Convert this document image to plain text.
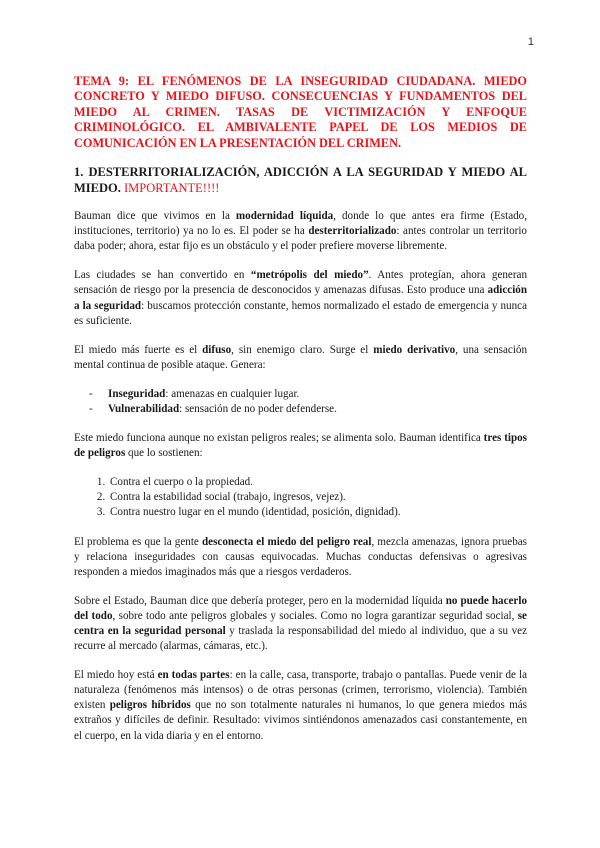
1
TEMA 9: EL FENÓMENOS DE LA INSEGURIDAD CIUDADANA. MIEDO CONCRETO Y MIEDO DIFUSO. CONSECUENCIAS Y FUNDAMENTOS DEL MIEDO AL CRIMEN. TASAS DE VICTIMIZACIÓN Y ENFOQUE CRIMINOLÓGICO. EL AMBIVALENTE PAPEL DE LOS MEDIOS DE COMUNICACIÓN EN LA PRESENTACIÓN DEL CRIMEN.
1. DESTERRITORIALIZACIÓN, ADICCIÓN A LA SEGURIDAD Y MIEDO AL MIEDO. IMPORTANTE!!!!

Bauman dice que vivimos en la modernidad líquida, donde lo que antes era firme (Estado, instituciones, territorio) ya no lo es. El poder se ha desterritorializado: antes controlar un territorio daba poder; ahora, estar fijo es un obstáculo y el poder prefiere moverse libremente.

Las ciudades se han convertido en “metrópolis del miedo”. Antes protegían, ahora generan sensación de riesgo por la presencia de desconocidos y amenazas difusas. Esto produce una adicción a la seguridad: buscamos protección constante, hemos normalizado el estado de emergencia y nunca es suficiente.

El miedo más fuerte es el difuso, sin enemigo claro. Surge el miedo derivativo, una sensación mental continua de posible ataque. Genera:

- Inseguridad: amenazas en cualquier lugar.
- Vulnerabilidad: sensación de no poder defenderse.

Este miedo funciona aunque no existan peligros reales; se alimenta solo. Bauman identifica tres tipos de peligros que lo sostienen:

1. Contra el cuerpo o la propiedad.
2. Contra la estabilidad social (trabajo, ingresos, vejez).
3. Contra nuestro lugar en el mundo (identidad, posición, dignidad).

El problema es que la gente desconecta el miedo del peligro real, mezcla amenazas, ignora pruebas y relaciona inseguridades con causas equivocadas. Muchas conductas defensivas o agresivas responden a miedos imaginados más que a riesgos verdaderos.

Sobre el Estado, Bauman dice que debería proteger, pero en la modernidad líquida no puede hacerlo del todo, sobre todo ante peligros globales y sociales. Como no logra garantizar seguridad social, se centra en la seguridad personal y traslada la responsabilidad del miedo al individuo, que a su vez recurre al mercado (alarmas, cámaras, etc.).

El miedo hoy está en todas partes: en la calle, casa, transporte, trabajo o pantallas. Puede venir de la naturaleza (fenómenos más intensos) o de otras personas (crimen, terrorismo, violencia). También existen peligros híbridos que no son totalmente naturales ni humanos, lo que genera miedos más extraños y difíciles de definir. Resultado: vivimos sintiéndonos amenazados casi constantemente, en el cuerpo, en la vida diaria y en el entorno.
